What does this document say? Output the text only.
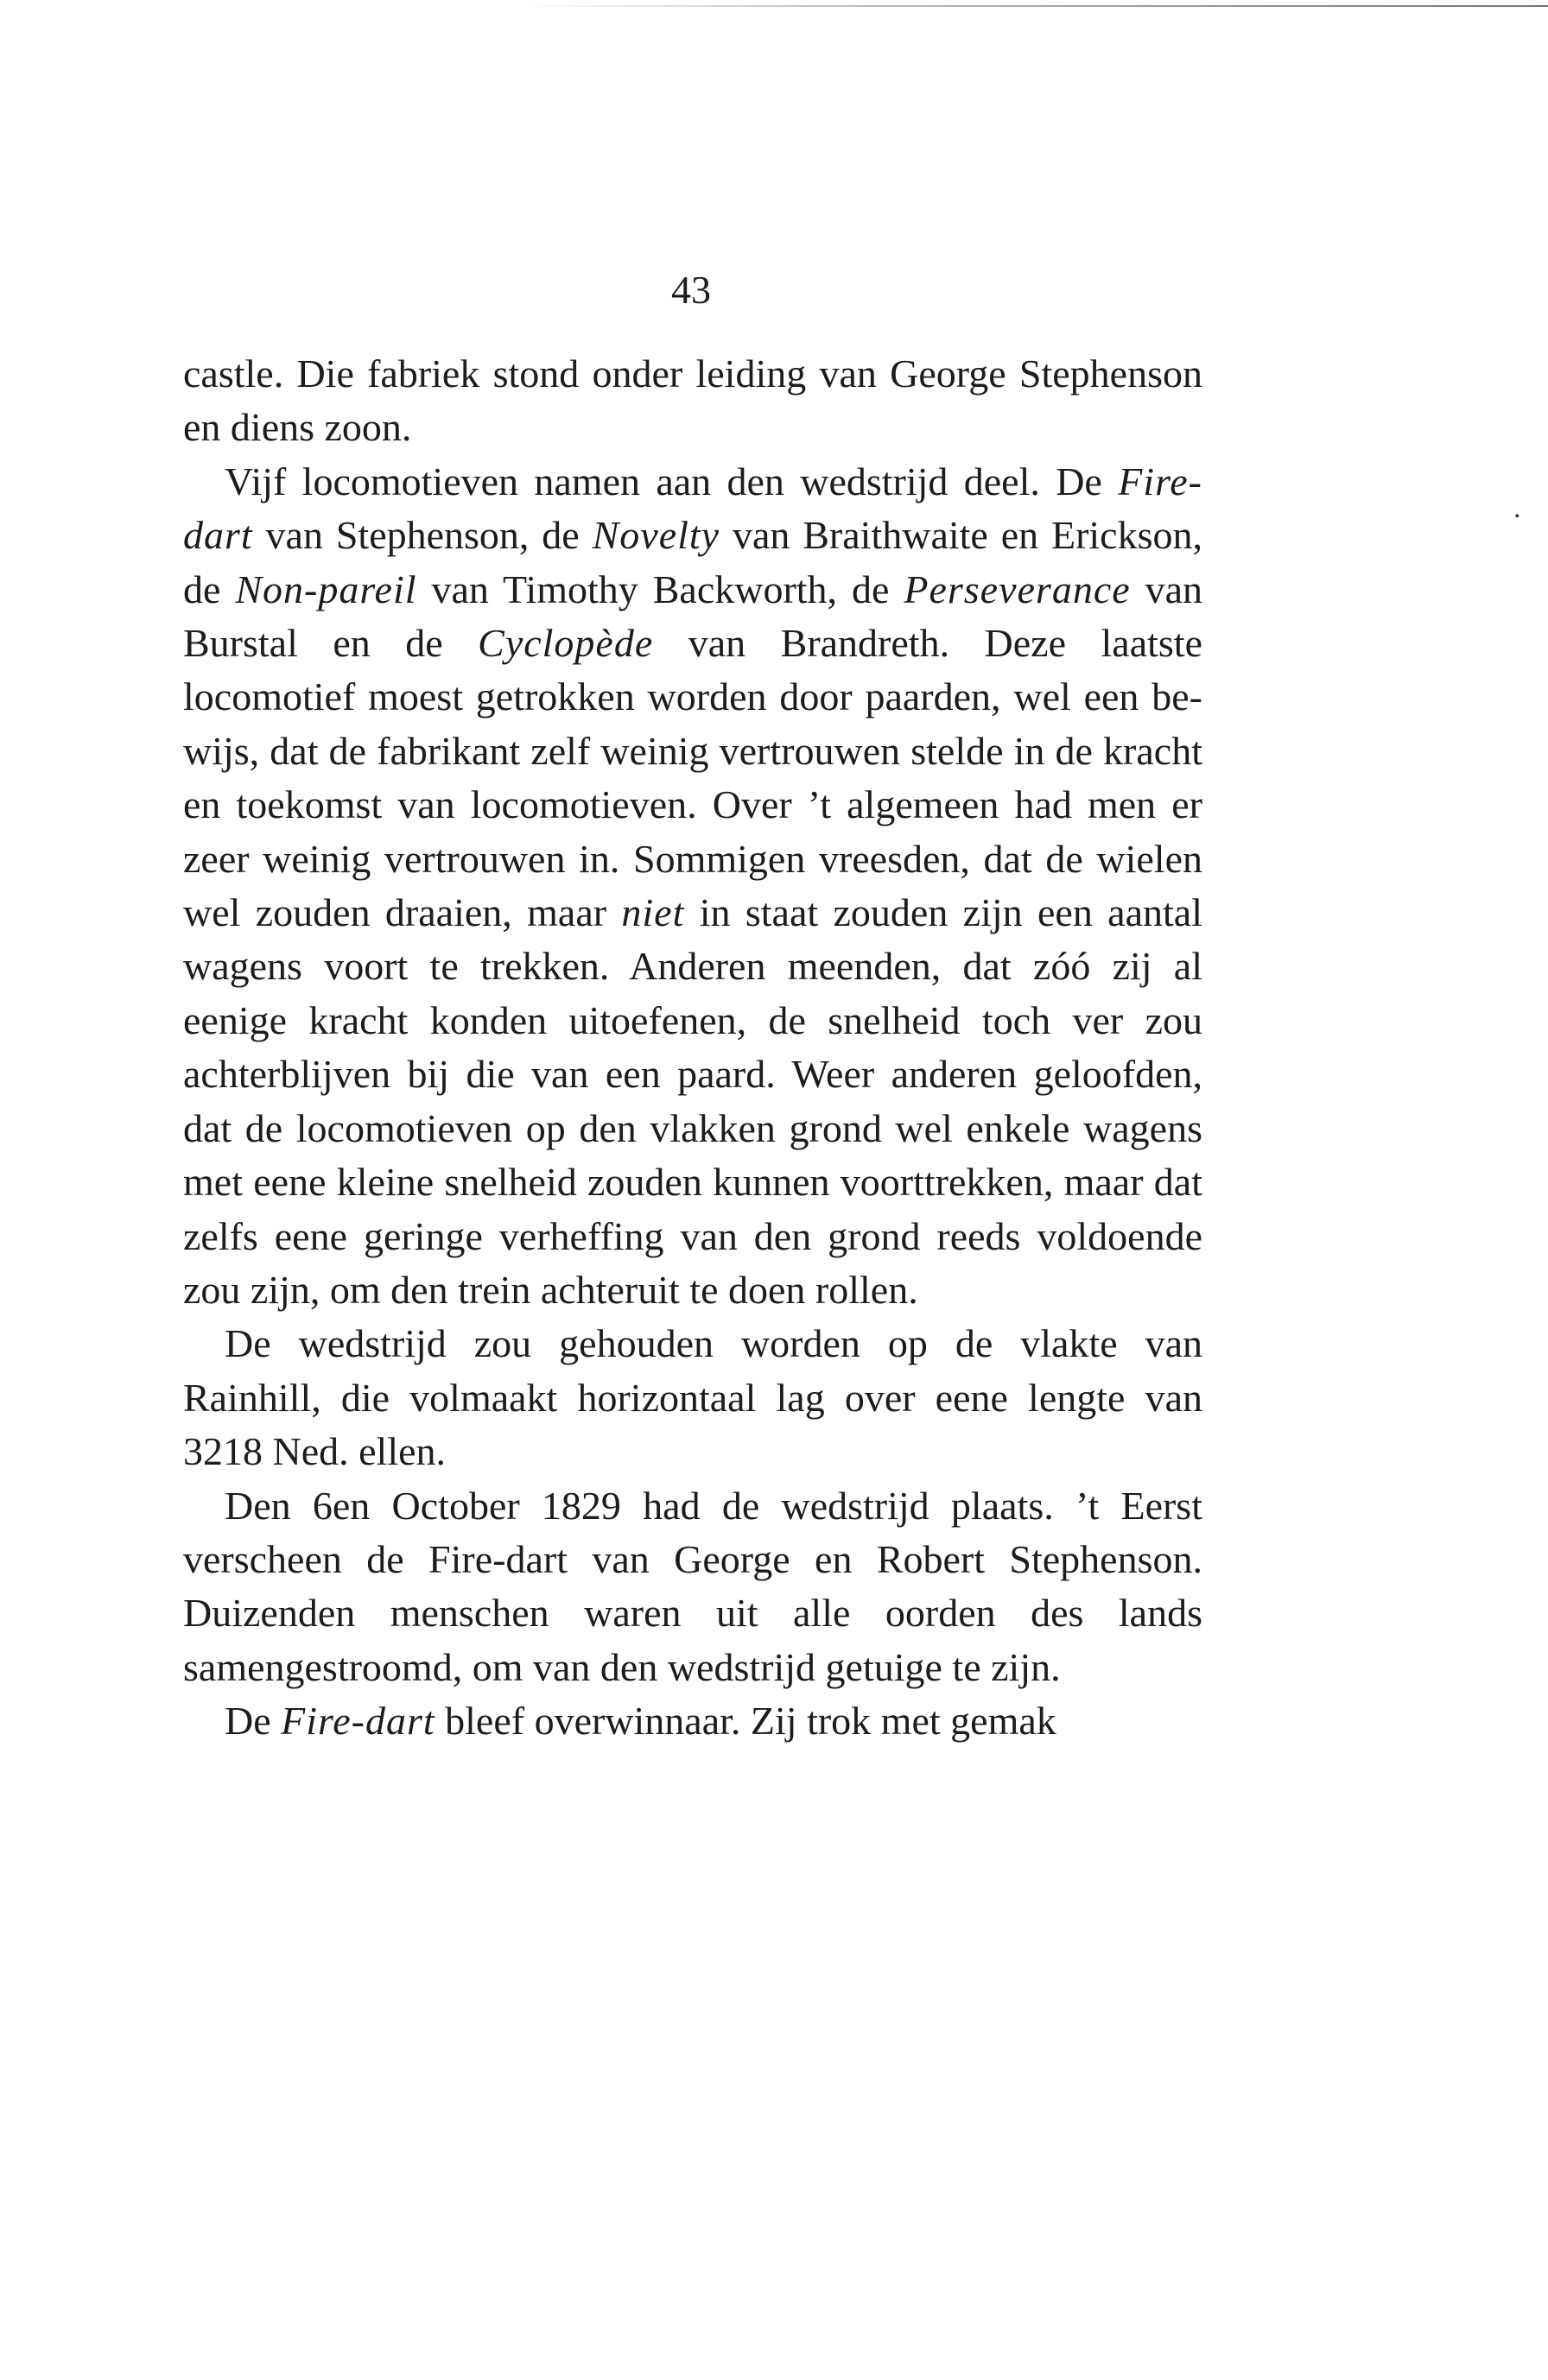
43
.

castle. Die fabriek stond onder leiding van George Stephenson en diens zoon.

Vijf locomotieven namen aan den wedstrijd deel. De Fire-dart van Stephenson, de Novelty van Braithwaite en Erickson, de Non-pareil van Timothy Backworth, de Perseverance van Burstal en de Cyclopède van Brandreth. Deze laatste locomotief moest getrokken worden door paarden, wel een bewijs, dat de fabrikant zelf weinig vertrouwen stelde in de kracht en toekomst van locomotieven. Over ’t algemeen had men er zeer weinig vertrouwen in. Sommigen vreesden, dat de wielen wel zouden draaien, maar niet in staat zouden zijn een aantal wagens voort te trekken. Anderen meenden, dat zóó zij al eenige kracht konden uitoefenen, de snelheid toch ver zou achterblijven bij die van een paard. Weer anderen geloofden, dat de locomotieven op den vlakken grond wel enkele wagens met eene kleine snelheid zouden kunnen voorttrekken, maar dat zelfs eene geringe verheffing van den grond reeds voldoende zou zijn, om den trein achteruit te doen rollen.

De wedstrijd zou gehouden worden op de vlakte van Rainhill, die volmaakt horizontaal lag over eene lengte van 3218 Ned. ellen.

Den 6en October 1829 had de wedstrijd plaats. ’t Eerst verscheen de Fire-dart van George en Robert Stephenson. Duizenden menschen waren uit alle oorden des lands samengestroomd, om van den wedstrijd getuige te zijn.

De Fire-dart bleef overwinnaar. Zij trok met gemak
